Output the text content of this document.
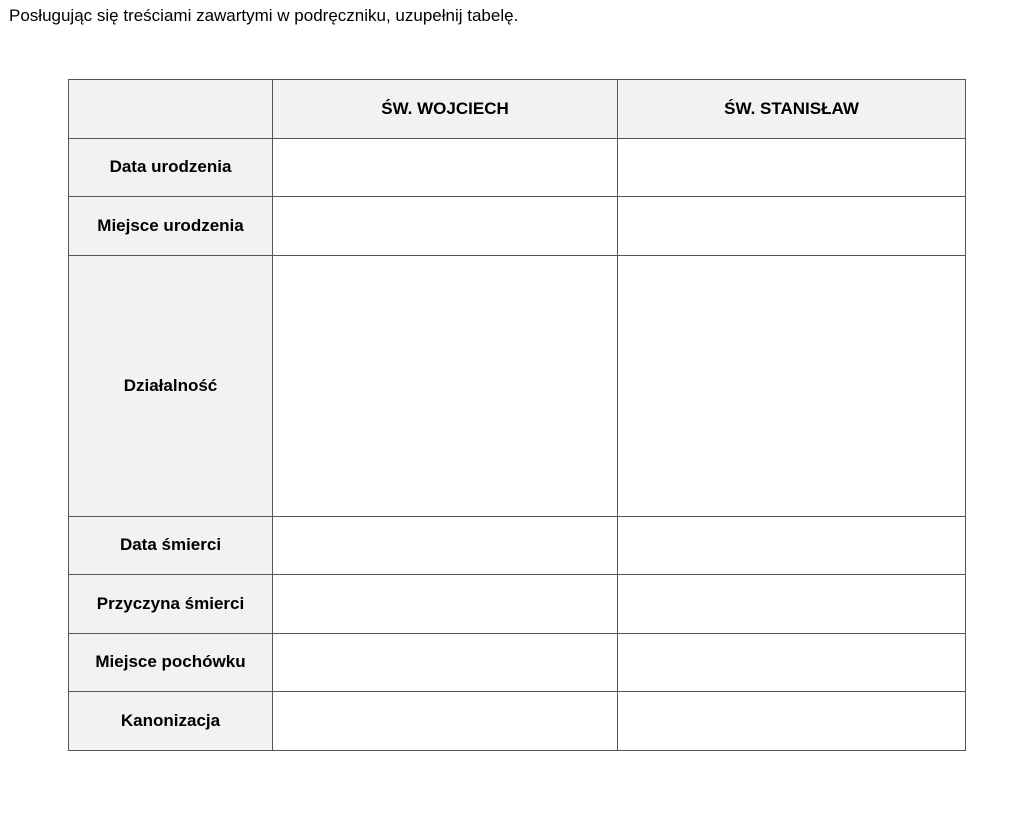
Posługując się treściami zawartymi w podręczniku, uzupełnij tabelę.
	ŚW. WOJCIECH	ŚW. STANISŁAW
Data urodzenia		
Miejsce urodzenia		
Działalność		
Data śmierci		
Przyczyna śmierci		
Miejsce pochówku		
Kanonizacja		
